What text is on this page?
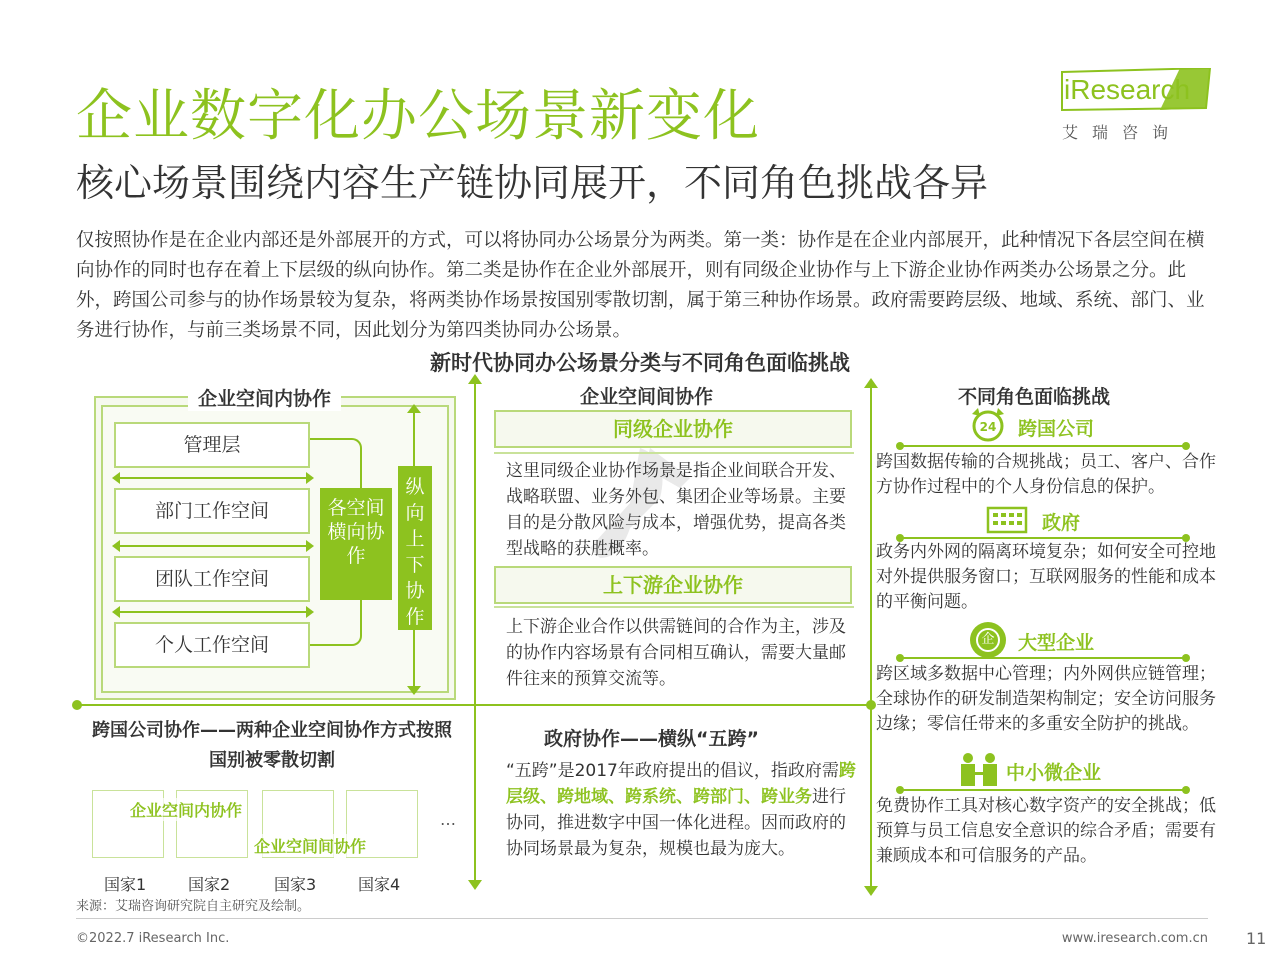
企业数字化办公场景新变化
核心场景围绕内容生产链协同展开，不同角色挑战各异
iResearch
艾瑞咨询
仅按照协作是在企业内部还是外部展开的方式，可以将协同办公场景分为两类。第一类：协作是在企业内部展开，此种情况下各层空间在横向协作的同时也存在着上下层级的纵向协作。第二类是协作在企业外部展开，则有同级企业协作与上下游企业协作两类办公场景之分。此外，跨国公司参与的协作场景较为复杂，将两类协作场景按国别零散切割，属于第三种协作场景。政府需要跨层级、地域、系统、部门、业务进行协作，与前三类场景不同，因此划分为第四类协同办公场景。
新时代协同办公场景分类与不同角色面临挑战
企业空间内协作
管理层
部门工作空间
团队工作空间
个人工作空间
各空间横向协作
纵向上下协作
企业空间间协作
同级企业协作
这里同级企业协作场景是指企业间联合开发、战略联盟、业务外包、集团企业等场景。主要目的是分散风险与成本，增强优势，提高各类型战略的获胜概率。
上下游企业协作
上下游企业合作以供需链间的合作为主，涉及的协作内容场景有合同相互确认，需要大量邮件往来的预算交流等。
不同角色面临挑战
24 跨国公司
跨国数据传输的合规挑战；员工、客户、合作方协作过程中的个人身份信息的保护。
政府
政务内外网的隔离环境复杂；如何安全可控地对外提供服务窗口；互联网服务的性能和成本的平衡问题。
企 大型企业
跨区域多数据中心管理；内外网供应链管理；全球协作的研发制造架构制定；安全访问服务边缘；零信任带来的多重安全防护的挑战。
中小微企业
免费协作工具对核心数字资产的安全挑战；低预算与员工信息安全意识的综合矛盾；需要有兼顾成本和可信服务的产品。
跨国公司协作——两种企业空间协作方式按照国别被零散切割
企业空间内协作
企业空间间协作
…
国家1	国家2	国家3	国家4
政府协作——横纵“五跨”
“五跨”是2017年政府提出的倡议，指政府需跨层级、跨地域、跨系统、跨部门、跨业务进行协同，推进数字中国一体化进程。因而政府的协同场景最为复杂，规模也最为庞大。
来源：艾瑞咨询研究院自主研究及绘制。
©2022.7 iResearch Inc.	www.iresearch.com.cn 11
